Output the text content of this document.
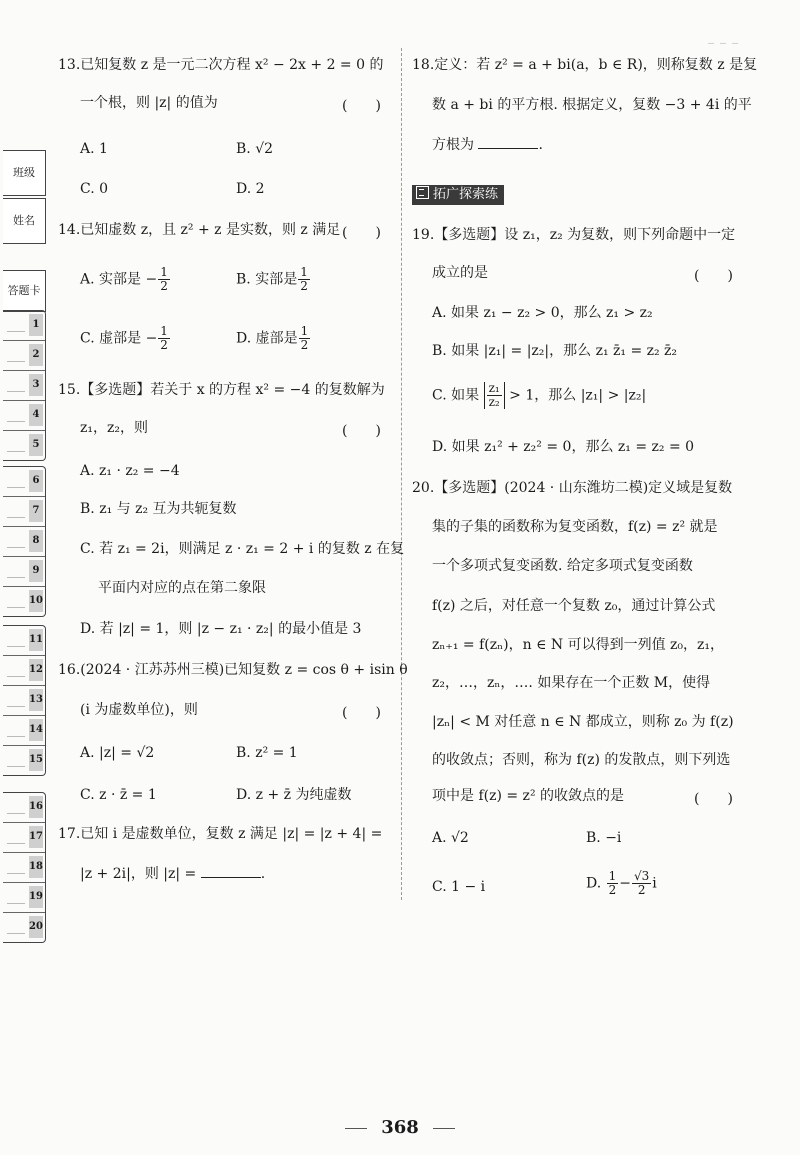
— — —
班级
姓名
答题卡
1
2
3
4
5
6
7
8
9
10
11
12
13
14
15
16
17
18
19
20
13.已知复数 z 是一元二次方程 x² − 2x + 2 = 0 的
一个根，则 |z| 的值为	(　　)
A. 1	B. √2
C. 0	D. 2
14.已知虚数 z，且 z² + z 是实数，则 z 满足 (　　)
A. 实部是 − $\frac{1}{2}$	B. 实部是 $\frac{1}{2}$
C. 虚部是 − $\frac{1}{2}$	D. 虚部是 $\frac{1}{2}$
15.【多选题】若关于 x 的方程 x² = −4 的复数解为
z₁，z₂，则	(　　)
A. z₁ · z₂ = −4
B. z₁ 与 z₂ 互为共轭复数
C. 若 z₁ = 2i，则满足 z · z₁ = 2 + i 的复数 z 在复
平面内对应的点在第二象限
D. 若 |z| = 1，则 |z − z₁ · z₂| 的最小值是 3
16.(2024 · 江苏苏州三模)已知复数 z = cos θ + isin θ
(i 为虚数单位)，则	(　　)
A. |z| = √2	B. z² = 1
C. z · z̄ = 1	D. z + z̄ 为纯虚数
17.已知 i 是虚数单位，复数 z 满足 |z| = |z + 4| =
|z + 2i|，则 |z| =	.
18.定义：若 z² = a + bi(a，b ∈ R)，则称复数 z 是复
数 a + bi 的平方根. 根据定义，复数 −3 + 4i 的平
方根为	.
拓广探索练
19.【多选题】设 z₁，z₂ 为复数，则下列命题中一定
成立的是	(　　)
A. 如果 z₁ − z₂ > 0，那么 z₁ > z₂
B. 如果 |z₁| = |z₂|，那么 z₁ z̄₁ = z₂ z̄₂
C. 如果 $\frac{\text{z₁}}{\text{z₂}} > 1$，那么 |z₁| > |z₂|
D. 如果 z₁² + z₂² = 0，那么 z₁ = z₂ = 0
20.【多选题】(2024 · 山东潍坊二模)定义域是复数
集的子集的函数称为复变函数，f(z) = z² 就是
一个多项式复变函数. 给定多项式复变函数
f(z) 之后，对任意一个复数 z₀，通过计算公式
zₙ₊₁ = f(zₙ)，n ∈ N 可以得到一列值 z₀，z₁，
z₂，…，zₙ，…. 如果存在一个正数 M，使得
|zₙ| < M 对任意 n ∈ N 都成立，则称 z₀ 为 f(z)
的收敛点；否则，称为 f(z) 的发散点，则下列选
项中是 f(z) = z² 的收敛点的是	(　　)
A. √2	B. −i
C. 1 − i	D. $\frac{1}{2} - \frac{√3}{2}$ i
368
